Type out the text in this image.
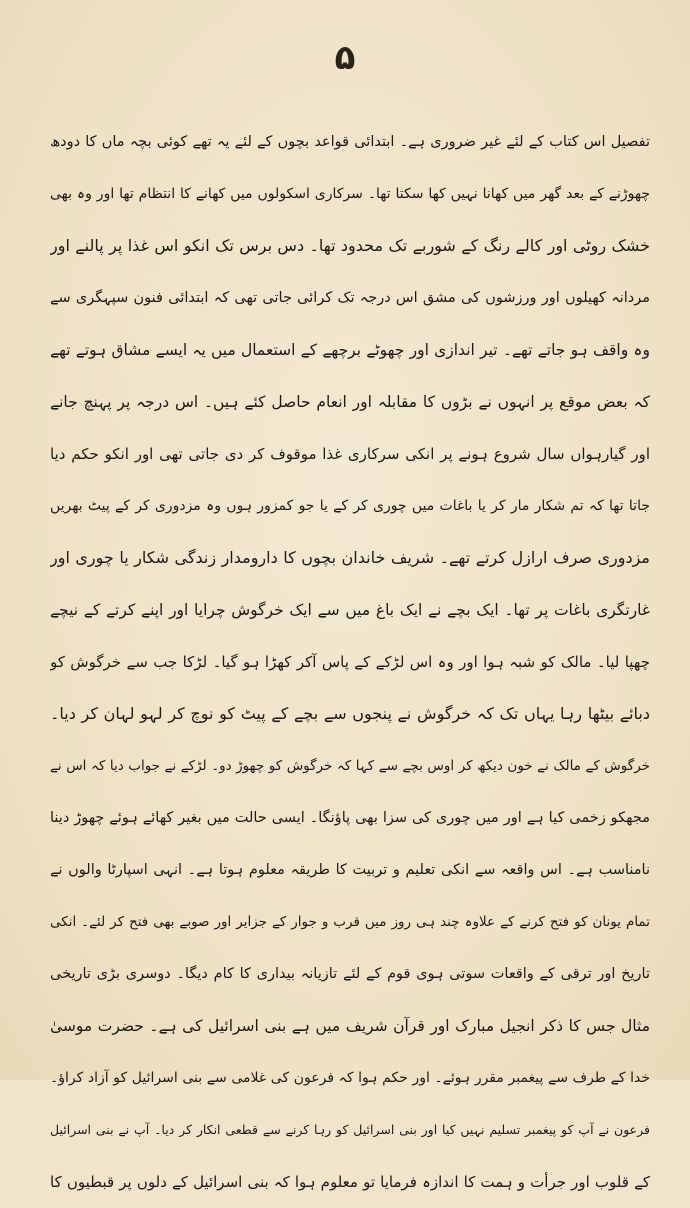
۵
تفصیل اس کتاب کے لئے غیر ضروری ہے۔ ابتدائی قواعد بچوں کے لئے یہ تھے کوئی بچہ ماں کا دودھ
چھوڑنے کے بعد گھر میں کھانا نہیں کھا سکتا تھا۔ سرکاری اسکولوں میں کھانے کا انتظام تھا اور وہ بھی
خشک روٹی اور کالے رنگ کے شوربے تک محدود تھا۔ دس برس تک انکو اس غذا پر پالنے اور
مردانہ کھیلوں اور ورزشوں کی مشق اس درجہ تک کرائی جاتی تھی کہ ابتدائی فنون سپہگری سے
وہ واقف ہو جاتے تھے۔ تیر اندازی اور چھوٹے برچھے کے استعمال میں یہ ایسے مشاق ہوتے تھے
کہ بعض موقع پر انہوں نے بڑوں کا مقابلہ اور انعام حاصل کئے ہیں۔ اس درجہ پر پہنچ جانے
اور گیارہواں سال شروع ہونے پر انکی سرکاری غذا موقوف کر دی جاتی تھی اور انکو حکم دیا
جاتا تھا کہ تم شکار مار کر یا باغات میں چوری کر کے یا جو کمزور ہوں وہ مزدوری کر کے پیٹ بھریں
مزدوری صرف ارازل کرتے تھے۔ شریف خاندان بچوں کا دارومدار زندگی شکار یا چوری اور
غارتگری باغات پر تھا۔ ایک بچے نے ایک باغ میں سے ایک خرگوش چرایا اور اپنے کرتے کے نیچے
چھپا لیا۔ مالک کو شبہ ہوا اور وہ اس لڑکے کے پاس آکر کھڑا ہو گیا۔ لڑکا جب سے خرگوش کو
دبائے بیٹھا رہا یہاں تک کہ خرگوش نے پنجوں سے بچے کے پیٹ کو نوچ کر لہو لہان کر دیا۔
خرگوش کے مالک نے خون دیکھ کر اوس بچے سے کہا کہ خرگوش کو چھوڑ دو۔ لڑکے نے جواب دیا کہ اس نے
مجھکو زخمی کیا ہے اور میں چوری کی سزا بھی پاؤنگا۔ ایسی حالت میں بغیر کھائے ہوئے چھوڑ دینا
نامناسب ہے۔ اس واقعہ سے انکی تعلیم و تربیت کا طریقہ معلوم ہوتا ہے۔ انہی اسپارٹا والوں نے
تمام یونان کو فتح کرنے کے علاوہ چند ہی روز میں قرب و جوار کے جزایر اور صوبے بھی فتح کر لئے۔ انکی
تاریخ اور ترقی کے واقعات سوتی ہوی قوم کے لئے تازیانہ بیداری کا کام دیگا۔ دوسری بڑی تاریخی
مثال جس کا ذکر انجیل مبارک اور قرآن شریف میں ہے بنی اسرائیل کی ہے۔ حضرت موسیٰ
خدا کے طرف سے پیغمبر مقرر ہوئے۔ اور حکم ہوا کہ فرعون کی غلامی سے بنی اسرائیل کو آزاد کراؤ۔
فرعون نے آپ کو پیغمبر تسلیم نہیں کیا اور بنی اسرائیل کو رہا کرنے سے قطعی انکار کر دیا۔ آپ نے بنی اسرائیل
کے قلوب اور جرأت و ہمت کا اندازہ فرمایا تو معلوم ہوا کہ بنی اسرائیل کے دلوں پر قبطیوں کا
